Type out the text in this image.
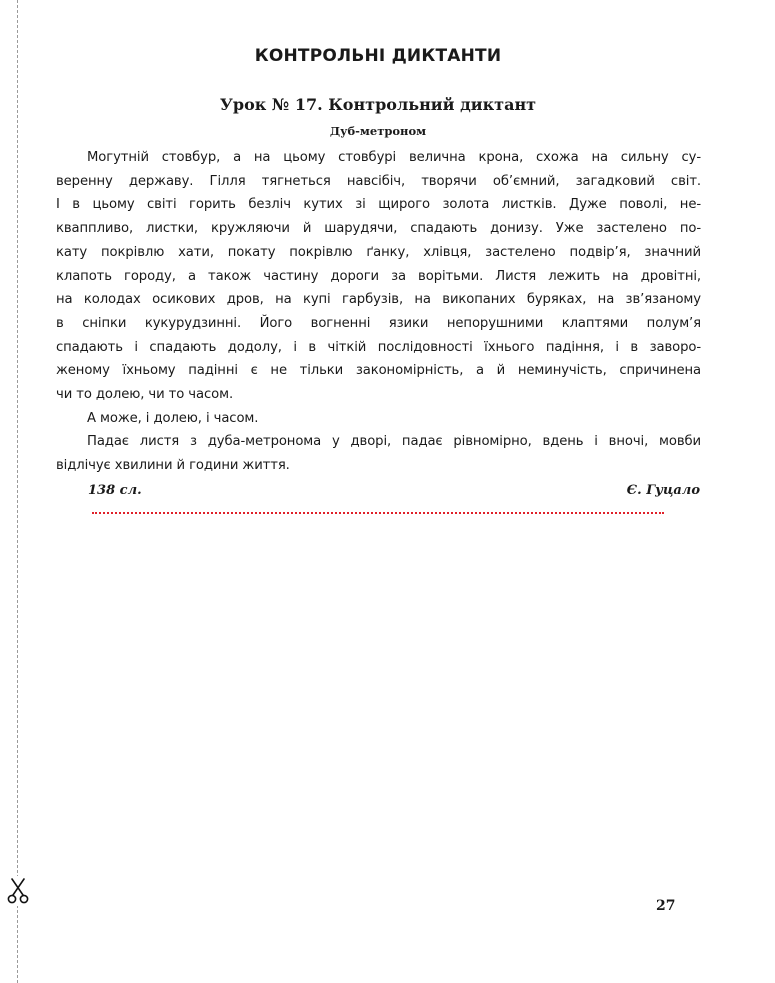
КОНТРОЛЬНІ ДИКТАНТИ
Урок № 17. Контрольний диктант
Дуб-метроном
Могутній стовбур, а на цьому стовбурі велична крона, схожа на сильну су-
веренну державу. Гілля тягнеться навсібіч, творячи об’ємний, загадковий світ.
І в цьому світі горить безліч кутих зі щирого золота листків. Дуже поволі, не-
кваппливо, листки, кружляючи й шарудячи, спадають донизу. Уже застелено по-
кату покрівлю хати, покату покрівлю ґанку, хлівця, застелено подвір’я, значний
клапоть городу, а також частину дороги за ворітьми. Листя лежить на дровітні,
на колодах осикових дров, на купі гарбузів, на викопаних буряках, на зв’язаному
в сніпки кукурудзинні. Його вогненні язики непорушними клаптями полум’я
спадають і спадають додолу, і в чіткій послідовності їхнього падіння, і в заворо-
женому їхньому падінні є не тільки закономірність, а й неминучість, спричинена
чи то долею, чи то часом.
А може, і долею, і часом.
Падає листя з дуба-метронома у дворі, падає рівномірно, вдень і вночі, мовби
відлічує хвилини й години життя.
138 сл.	Є. Гуцало
27
